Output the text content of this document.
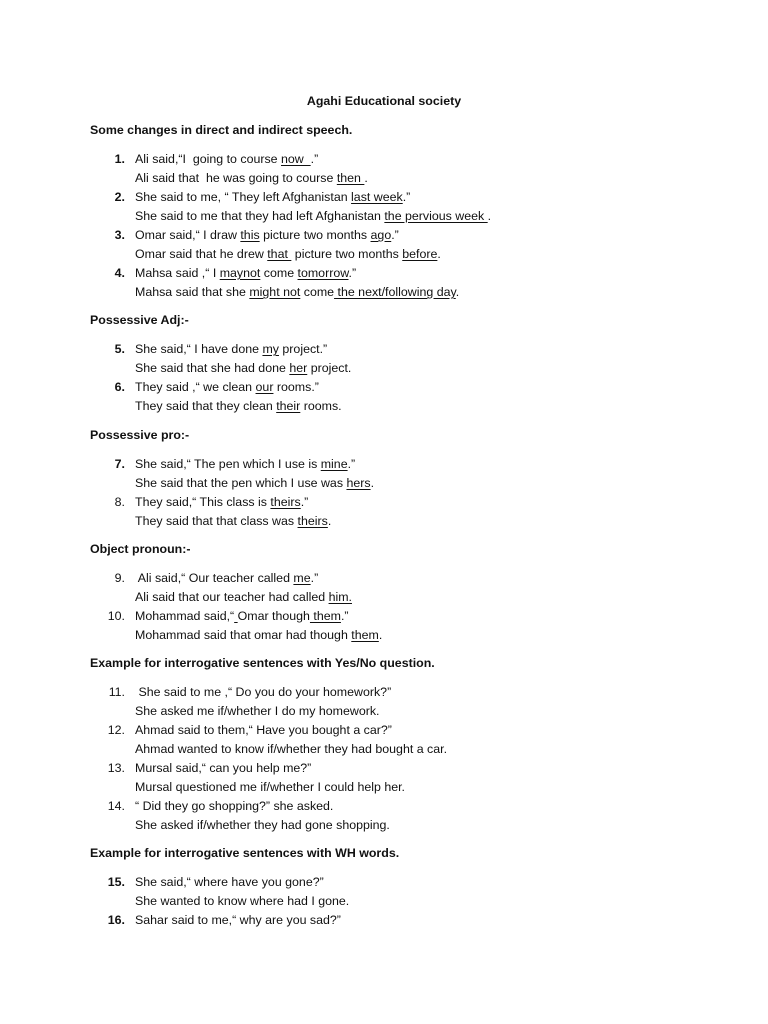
Agahi Educational society
Some changes in direct and indirect speech.
1. Ali said,“I  going to course now  .”
Ali said that  he was going to course then .
2. She said to me, “ They left Afghanistan last week.”
She said to me that they had left Afghanistan the pervious week .
3. Omar said,“ I draw this picture two months ago.”
Omar said that he drew that  picture two months before.
4. Mahsa said ,“ I maynot come tomorrow.”
Mahsa said that she might not come the next/following day.
Possessive Adj:-
5. She said,“ I have done my project.”
She said that she had done her project.
6. They said ,“ we clean our rooms.”
They said that they clean their rooms.
Possessive pro:-
7. She said,“ The pen which I use is mine.”
She said that the pen which I use was hers.
8. They said,“ This class is theirs.”
They said that that class was theirs.
Object pronoun:-
9. Ali said,“ Our teacher called me.”
Ali said that our teacher had called him.
10. Mohammad said,“ Omar though them.”
Mohammad said that omar had though them.
Example for interrogative sentences with Yes/No question.
11. She said to me ,“ Do you do your homework?”
She asked me if/whether I do my homework.
12. Ahmad said to them,“ Have you bought a car?”
Ahmad wanted to know if/whether they had bought a car.
13. Mursal said,“ can you help me?”
Mursal questioned me if/whether I could help her.
14. “ Did they go shopping?” she asked.
She asked if/whether they had gone shopping.
Example for interrogative sentences with WH words.
15. She said,“ where have you gone?”
She wanted to know where had I gone.
16. Sahar said to me,“ why are you sad?”
